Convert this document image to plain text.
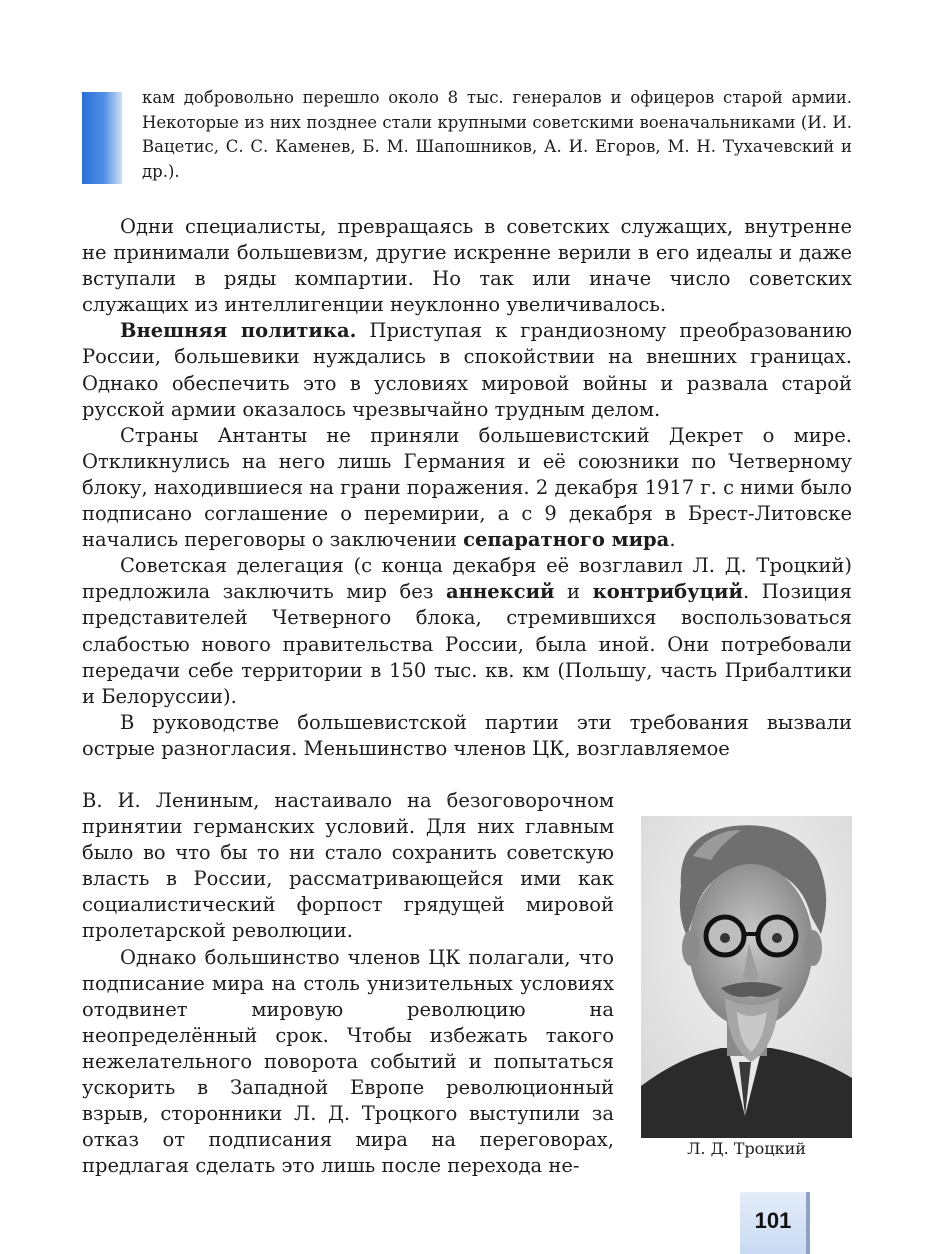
кам добровольно перешло около 8 тыс. генералов и офицеров старой армии. Некоторые из них позднее стали крупными советскими военачальниками (И. И. Вацетис, С. С. Каменев, Б. М. Шапошников, А. И. Егоров, М. Н. Тухачевский и др.).

Одни специалисты, превращаясь в советских служащих, внутренне не принимали большевизм, другие искренне верили в его идеалы и даже вступали в ряды компартии. Но так или иначе число советских служащих из интеллигенции неуклонно увеличивалось.

Внешняя политика. Приступая к грандиозному преобразованию России, большевики нуждались в спокойствии на внешних границах. Однако обеспечить это в условиях мировой войны и развала старой русской армии оказалось чрезвычайно трудным делом.

Страны Антанты не приняли большевистский Декрет о мире. Откликнулись на него лишь Германия и её союзники по Четверному блоку, находившиеся на грани поражения. 2 декабря 1917 г. с ними было подписано соглашение о перемирии, а с 9 декабря в Брест-Литовске начались переговоры о заключении сепаратного мира.

Советская делегация (с конца декабря её возглавил Л. Д. Троцкий) предложила заключить мир без аннексий и контрибуций. Позиция представителей Четверного блока, стремившихся воспользоваться слабостью нового правительства России, была иной. Они потребовали передачи себе территории в 150 тыс. кв. км (Польшу, часть Прибалтики и Белоруссии).

В руководстве большевистской партии эти требования вызвали острые разногласия. Меньшинство членов ЦК, возглавляемое

В. И. Лениным, настаивало на безоговорочном принятии германских условий. Для них главным было во что бы то ни стало сохранить советскую власть в России, рассматривающейся ими как социалистический форпост грядущей мировой пролетарской революции.

Однако большинство членов ЦК полагали, что подписание мира на столь унизительных условиях отодвинет мировую революцию на неопределённый срок. Чтобы избежать такого нежелательного поворота событий и попытаться ускорить в Западной Европе революционный взрыв, сторонники Л. Д. Троцкого выступили за отказ от подписания мира на переговорах, предлагая сделать это лишь после перехода не-

Л. Д. Троцкий
101
